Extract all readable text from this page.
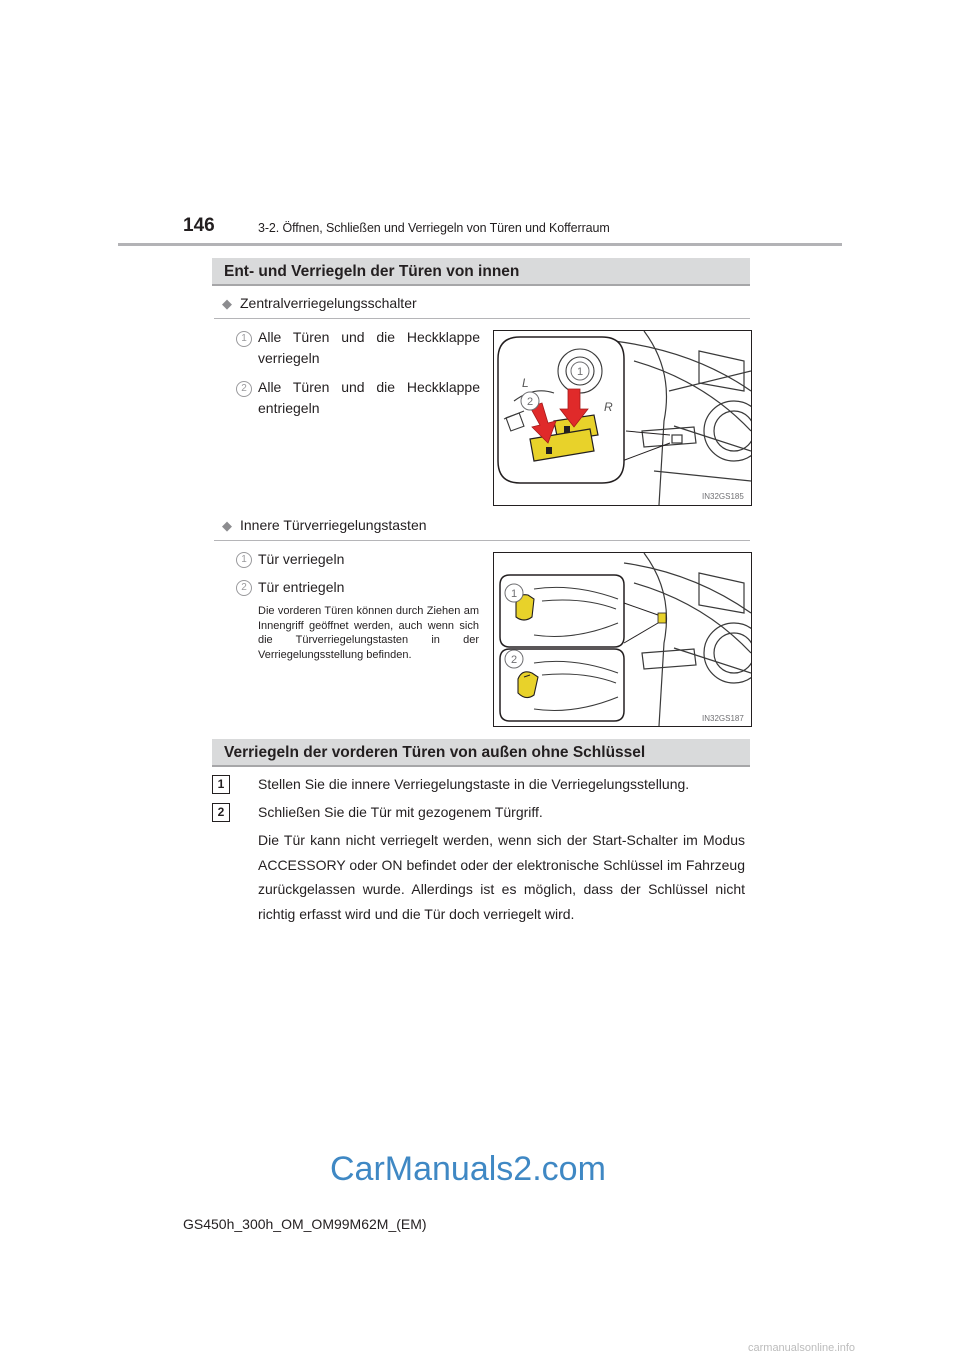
146	3-2. Öffnen, Schließen und Verriegeln von Türen und Kofferraum
Ent- und Verriegeln der Türen von innen
◆ Zentralverriegelungsschalter
1 Alle Türen und die Heckklappe verriegeln
2 Alle Türen und die Heckklappe entriegeln
L
R
1
2
IN32GS185
◆ Innere Türverriegelungstasten
1 Tür verriegeln
2 Tür entriegeln
Die vorderen Türen können durch Ziehen am Innengriff geöffnet werden, auch wenn sich die Türverriegelungstasten in der Verriegelungsstellung befinden.
1
2
IN32GS187
Verriegeln der vorderen Türen von außen ohne Schlüssel
1	Stellen Sie die innere Verriegelungstaste in die Verriegelungsstellung.
2	Schließen Sie die Tür mit gezogenem Türgriff.
Die Tür kann nicht verriegelt werden, wenn sich der Start-Schalter im Modus ACCESSORY oder ON befindet oder der elektronische Schlüssel im Fahrzeug zurückgelassen wurde. Allerdings ist es möglich, dass der Schlüssel nicht richtig erfasst wird und die Tür doch verriegelt wird.
CarManuals2.com
GS450h_300h_OM_OM99M62M_(EM)
carmanualsonline.info
